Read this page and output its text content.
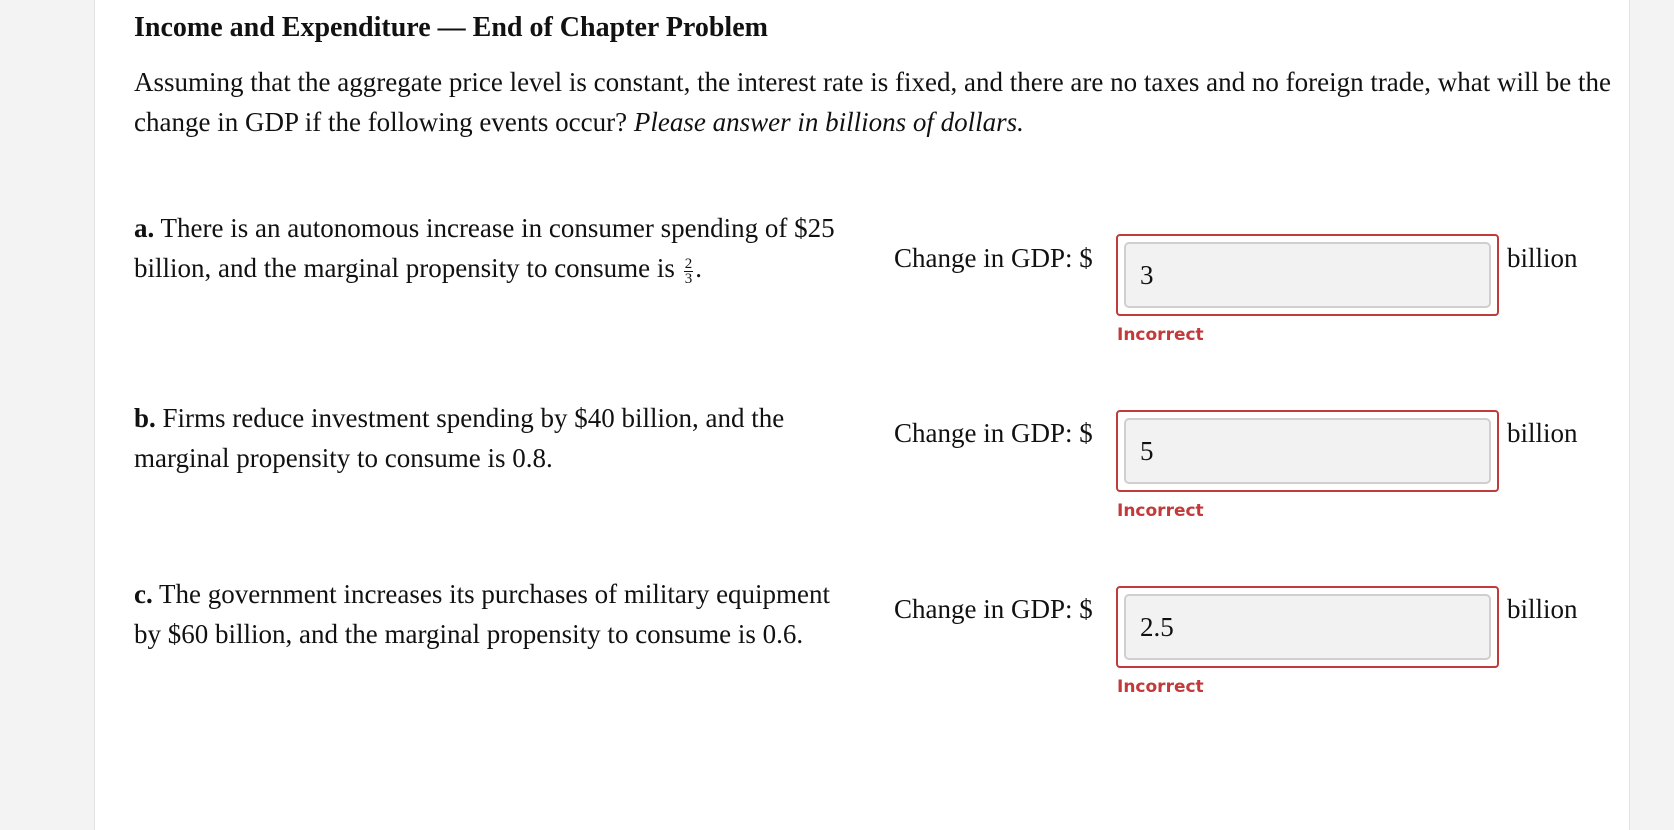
Income and Expenditure — End of Chapter Problem

Assuming that the aggregate price level is constant, the interest rate is fixed, and there are no taxes and no foreign trade, what will be the change in GDP if the following events occur? Please answer in billions of dollars.

a. There is an autonomous increase in consumer spending of $25 billion, and the marginal propensity to consume is $\frac{2}{3}$ .	Change in GDP: $
3	billion
Incorrect

b. Firms reduce investment spending by $40 billion, and the marginal propensity to consume is 0.8.

Change in GDP: $
5	billion
Incorrect

c. The government increases its purchases of military equipment by $60 billion, and the marginal propensity to consume is 0.6.

Change in GDP: $
2.5	billion
Incorrect
